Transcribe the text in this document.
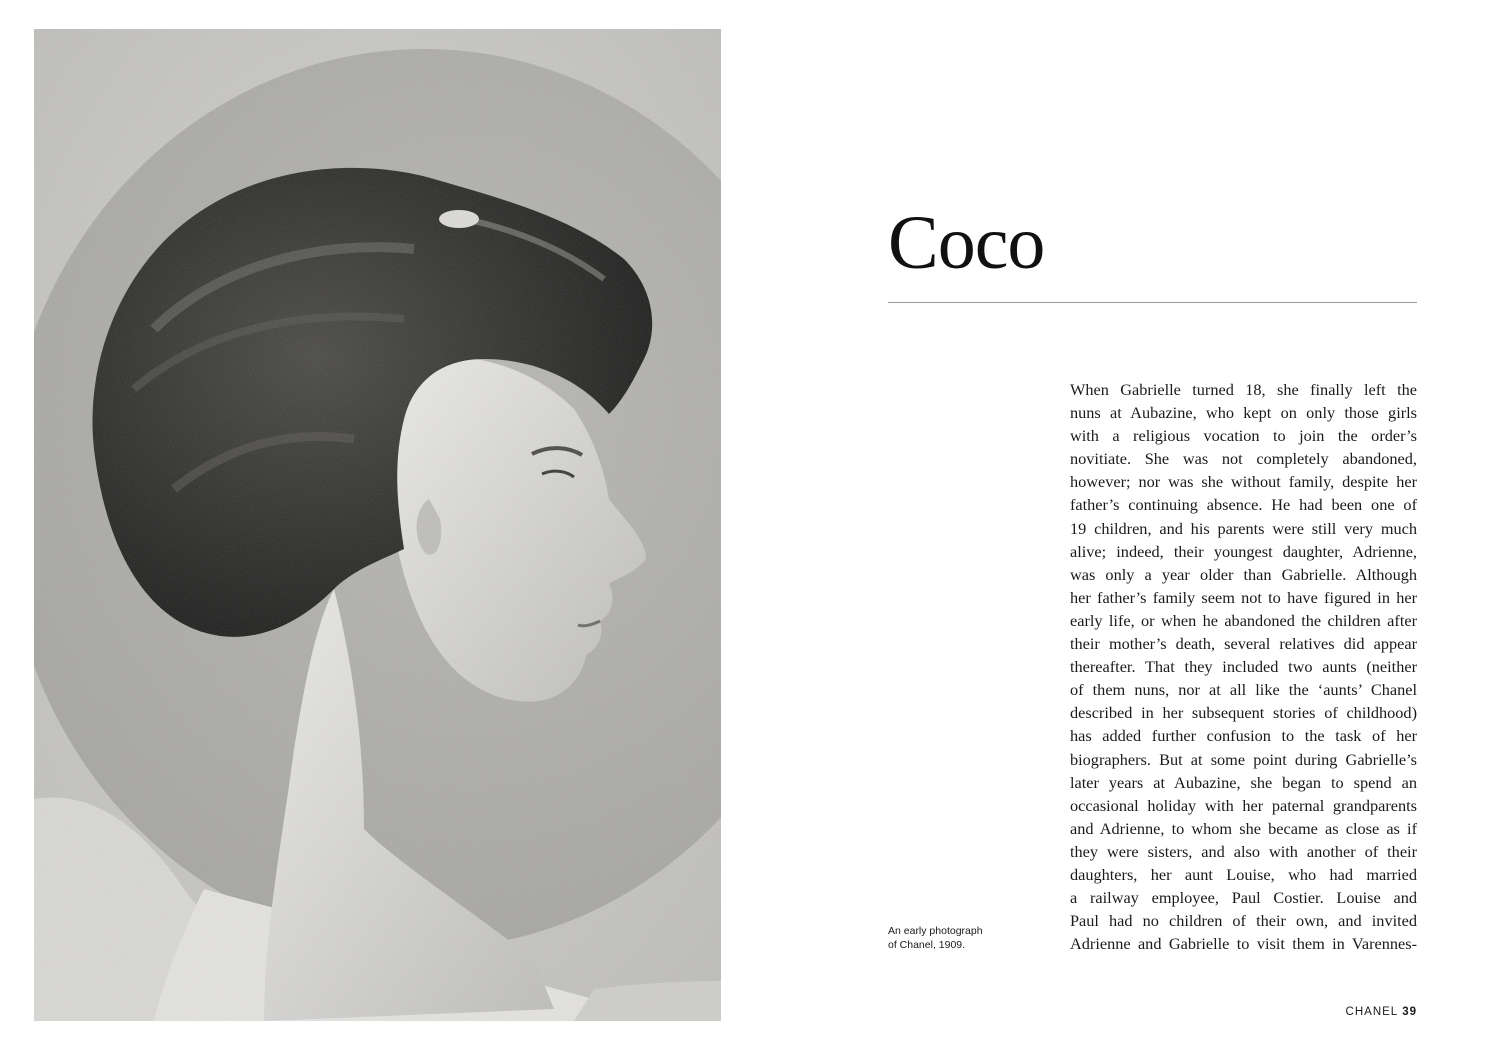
Coco
When Gabrielle turned 18, she finally left the
nuns at Aubazine, who kept on only those girls
with a religious vocation to join the order’s
novitiate. She was not completely abandoned,
however; nor was she without family, despite her
father’s continuing absence. He had been one of
19 children, and his parents were still very much
alive; indeed, their youngest daughter, Adrienne,
was only a year older than Gabrielle. Although
her father’s family seem not to have figured in her
early life, or when he abandoned the children after
their mother’s death, several relatives did appear
thereafter. That they included two aunts (neither
of them nuns, nor at all like the ‘aunts’ Chanel
described in her subsequent stories of childhood)
has added further confusion to the task of her
biographers. But at some point during Gabrielle’s
later years at Aubazine, she began to spend an
occasional holiday with her paternal grandparents
and Adrienne, to whom she became as close as if
they were sisters, and also with another of their
daughters, her aunt Louise, who had married
a railway employee, Paul Costier. Louise and
Paul had no children of their own, and invited
Adrienne and Gabrielle to visit them in Varennes-

An early photograph
of Chanel, 1909.

CHANEL 39
